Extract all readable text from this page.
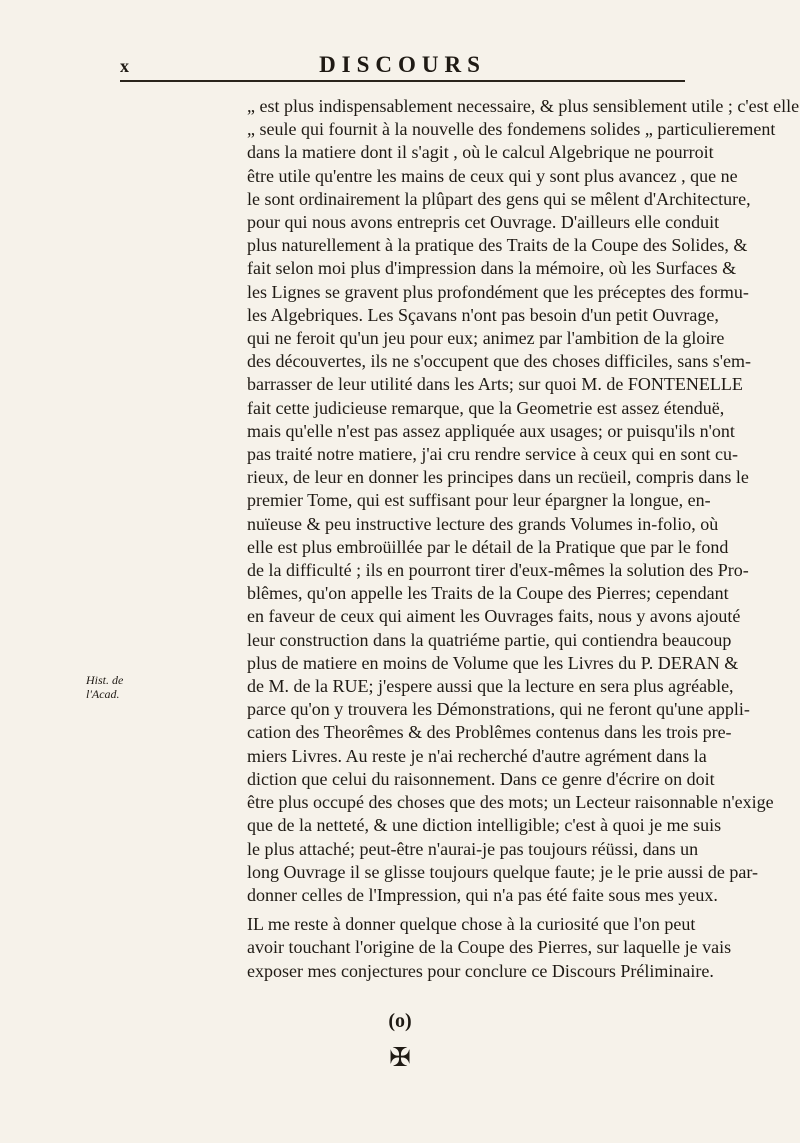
x	DISCOURS
Hist. de
l'Acad.
„ est plus indispensablement necessaire, & plus sensiblement utile ; c'est elle
„ seule qui fournit à la nouvelle des fondemens solides „ particulierement
dans la matiere dont il s'agit , où le calcul Algebrique ne pourroit
être utile qu'entre les mains de ceux qui y sont plus avancez , que ne
le sont ordinairement la plûpart des gens qui se mêlent d'Architecture,
pour qui nous avons entrepris cet Ouvrage. D'ailleurs elle conduit
plus naturellement à la pratique des Traits de la Coupe des Solides, &
fait selon moi plus d'impression dans la mémoire, où les Surfaces &
les Lignes se gravent plus profondément que les préceptes des formu-
les Algebriques. Les Sçavans n'ont pas besoin d'un petit Ouvrage,
qui ne feroit qu'un jeu pour eux; animez par l'ambition de la gloire
des découvertes, ils ne s'occupent que des choses difficiles, sans s'em-
barrasser de leur utilité dans les Arts; sur quoi M. de FONTENELLE
fait cette judicieuse remarque, que la Geometrie est assez étenduë,
mais qu'elle n'est pas assez appliquée aux usages; or puisqu'ils n'ont
pas traité notre matiere, j'ai cru rendre service à ceux qui en sont cu-
rieux, de leur en donner les principes dans un recüeil, compris dans le
premier Tome, qui est suffisant pour leur épargner la longue, en-
nuïeuse & peu instructive lecture des grands Volumes in-folio, où
elle est plus embroüillée par le détail de la Pratique que par le fond
de la difficulté ; ils en pourront tirer d'eux-mêmes la solution des Pro-
blêmes, qu'on appelle les Traits de la Coupe des Pierres; cependant
en faveur de ceux qui aiment les Ouvrages faits, nous y avons ajouté
leur construction dans la quatriéme partie, qui contiendra beaucoup
plus de matiere en moins de Volume que les Livres du P. DERAN &
de M. de la RUE; j'espere aussi que la lecture en sera plus agréable,
parce qu'on y trouvera les Démonstrations, qui ne feront qu'une appli-
cation des Theorêmes & des Problêmes contenus dans les trois pre-
miers Livres. Au reste je n'ai recherché d'autre agrément dans la
diction que celui du raisonnement. Dans ce genre d'écrire on doit
être plus occupé des choses que des mots; un Lecteur raisonnable n'exige
que de la netteté, & une diction intelligible; c'est à quoi je me suis
le plus attaché; peut-être n'aurai-je pas toujours réüssi, dans un
long Ouvrage il se glisse toujours quelque faute; je le prie aussi de par-
donner celles de l'Impression, qui n'a pas été faite sous mes yeux.
IL me reste à donner quelque chose à la curiosité que l'on peut
avoir touchant l'origine de la Coupe des Pierres, sur laquelle je vais
exposer mes conjectures pour conclure ce Discours Préliminaire.
(o)
✠
